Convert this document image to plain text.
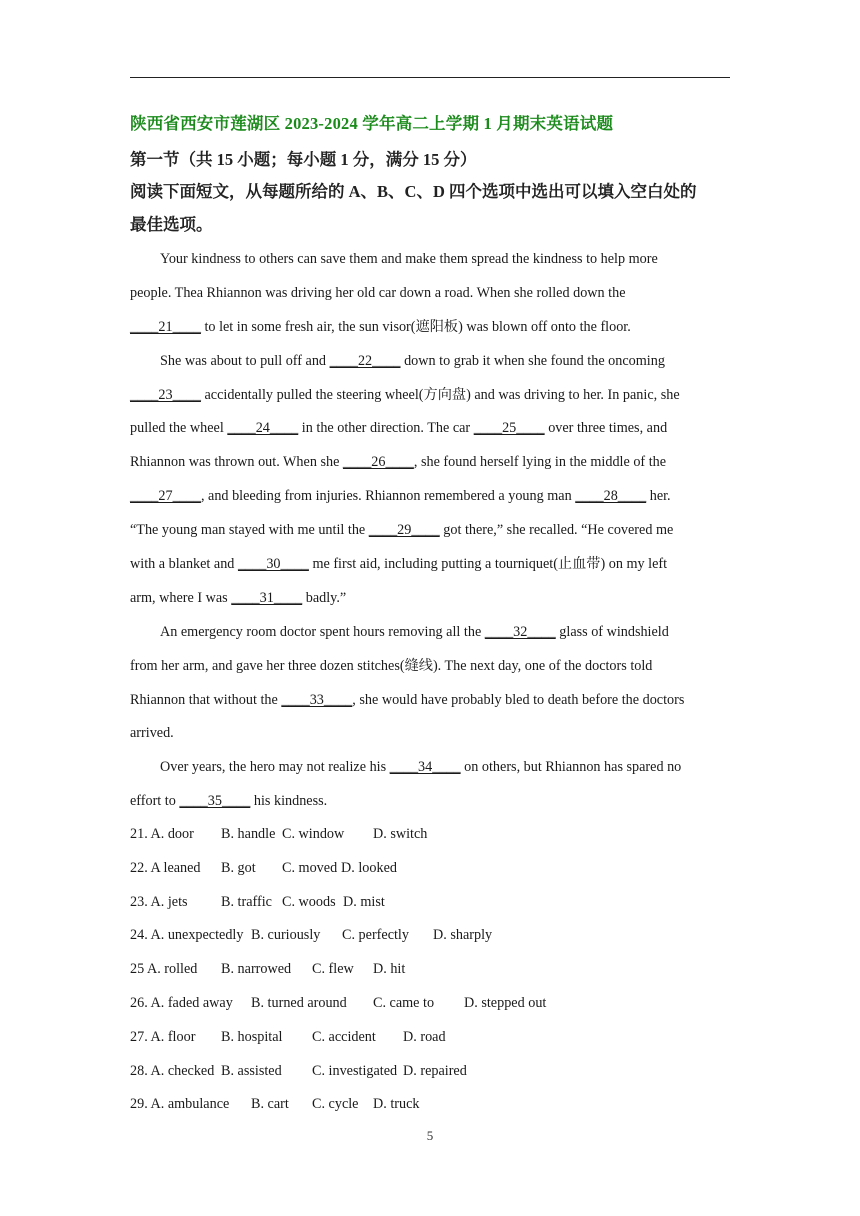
陕西省西安市莲湖区 2023-2024 学年高二上学期 1 月期末英语试题
第一节（共 15 小题；每小题 1 分，满分 15 分）
阅读下面短文，从每题所给的 A、B、C、D 四个选项中选出可以填入空白处的
最佳选项。
Your kindness to others can save them and make them spread the kindness to help more
people. Thea Rhiannon was driving her old car down a road. When she rolled down the
____21____ to let in some fresh air, the sun visor(遮阳板) was blown off onto the floor.
She was about to pull off and ____22____ down to grab it when she found the oncoming
____23____ accidentally pulled the steering wheel(方向盘) and was driving to her. In panic, she
pulled the wheel ____24____ in the other direction. The car ____25____ over three times, and
Rhiannon was thrown out. When she ____26____, she found herself lying in the middle of the
____27____, and bleeding from injuries. Rhiannon remembered a young man ____28____ her.
“The young man stayed with me until the ____29____ got there,” she recalled. “He covered me
with a blanket and ____30____ me first aid, including putting a tourniquet(止血带) on my left
arm, where I was ____31____ badly.”
An emergency room doctor spent hours removing all the ____32____ glass of windshield
from her arm, and gave her three dozen stitches(缝线). The next day, one of the doctors told
Rhiannon that without the ____33____, she would have probably bled to death before the doctors
arrived.
Over years, the hero may not realize his ____34____ on others, but Rhiannon has spared no
effort to ____35____ his kindness.
21. A. door B. handle C. window D. switch
22. A leaned B. got C. moved D. looked
23. A. jets B. traffic C. woods D. mist
24. A. unexpectedly B. curiously C. perfectly D. sharply
25 A. rolled B. narrowed C. flew D. hit
26. A. faded away B. turned around C. came to D. stepped out
27. A. floor B. hospital C. accident D. road
28. A. checked B. assisted C. investigated D. repaired
29. A. ambulance B. cart C. cycle D. truck
5
